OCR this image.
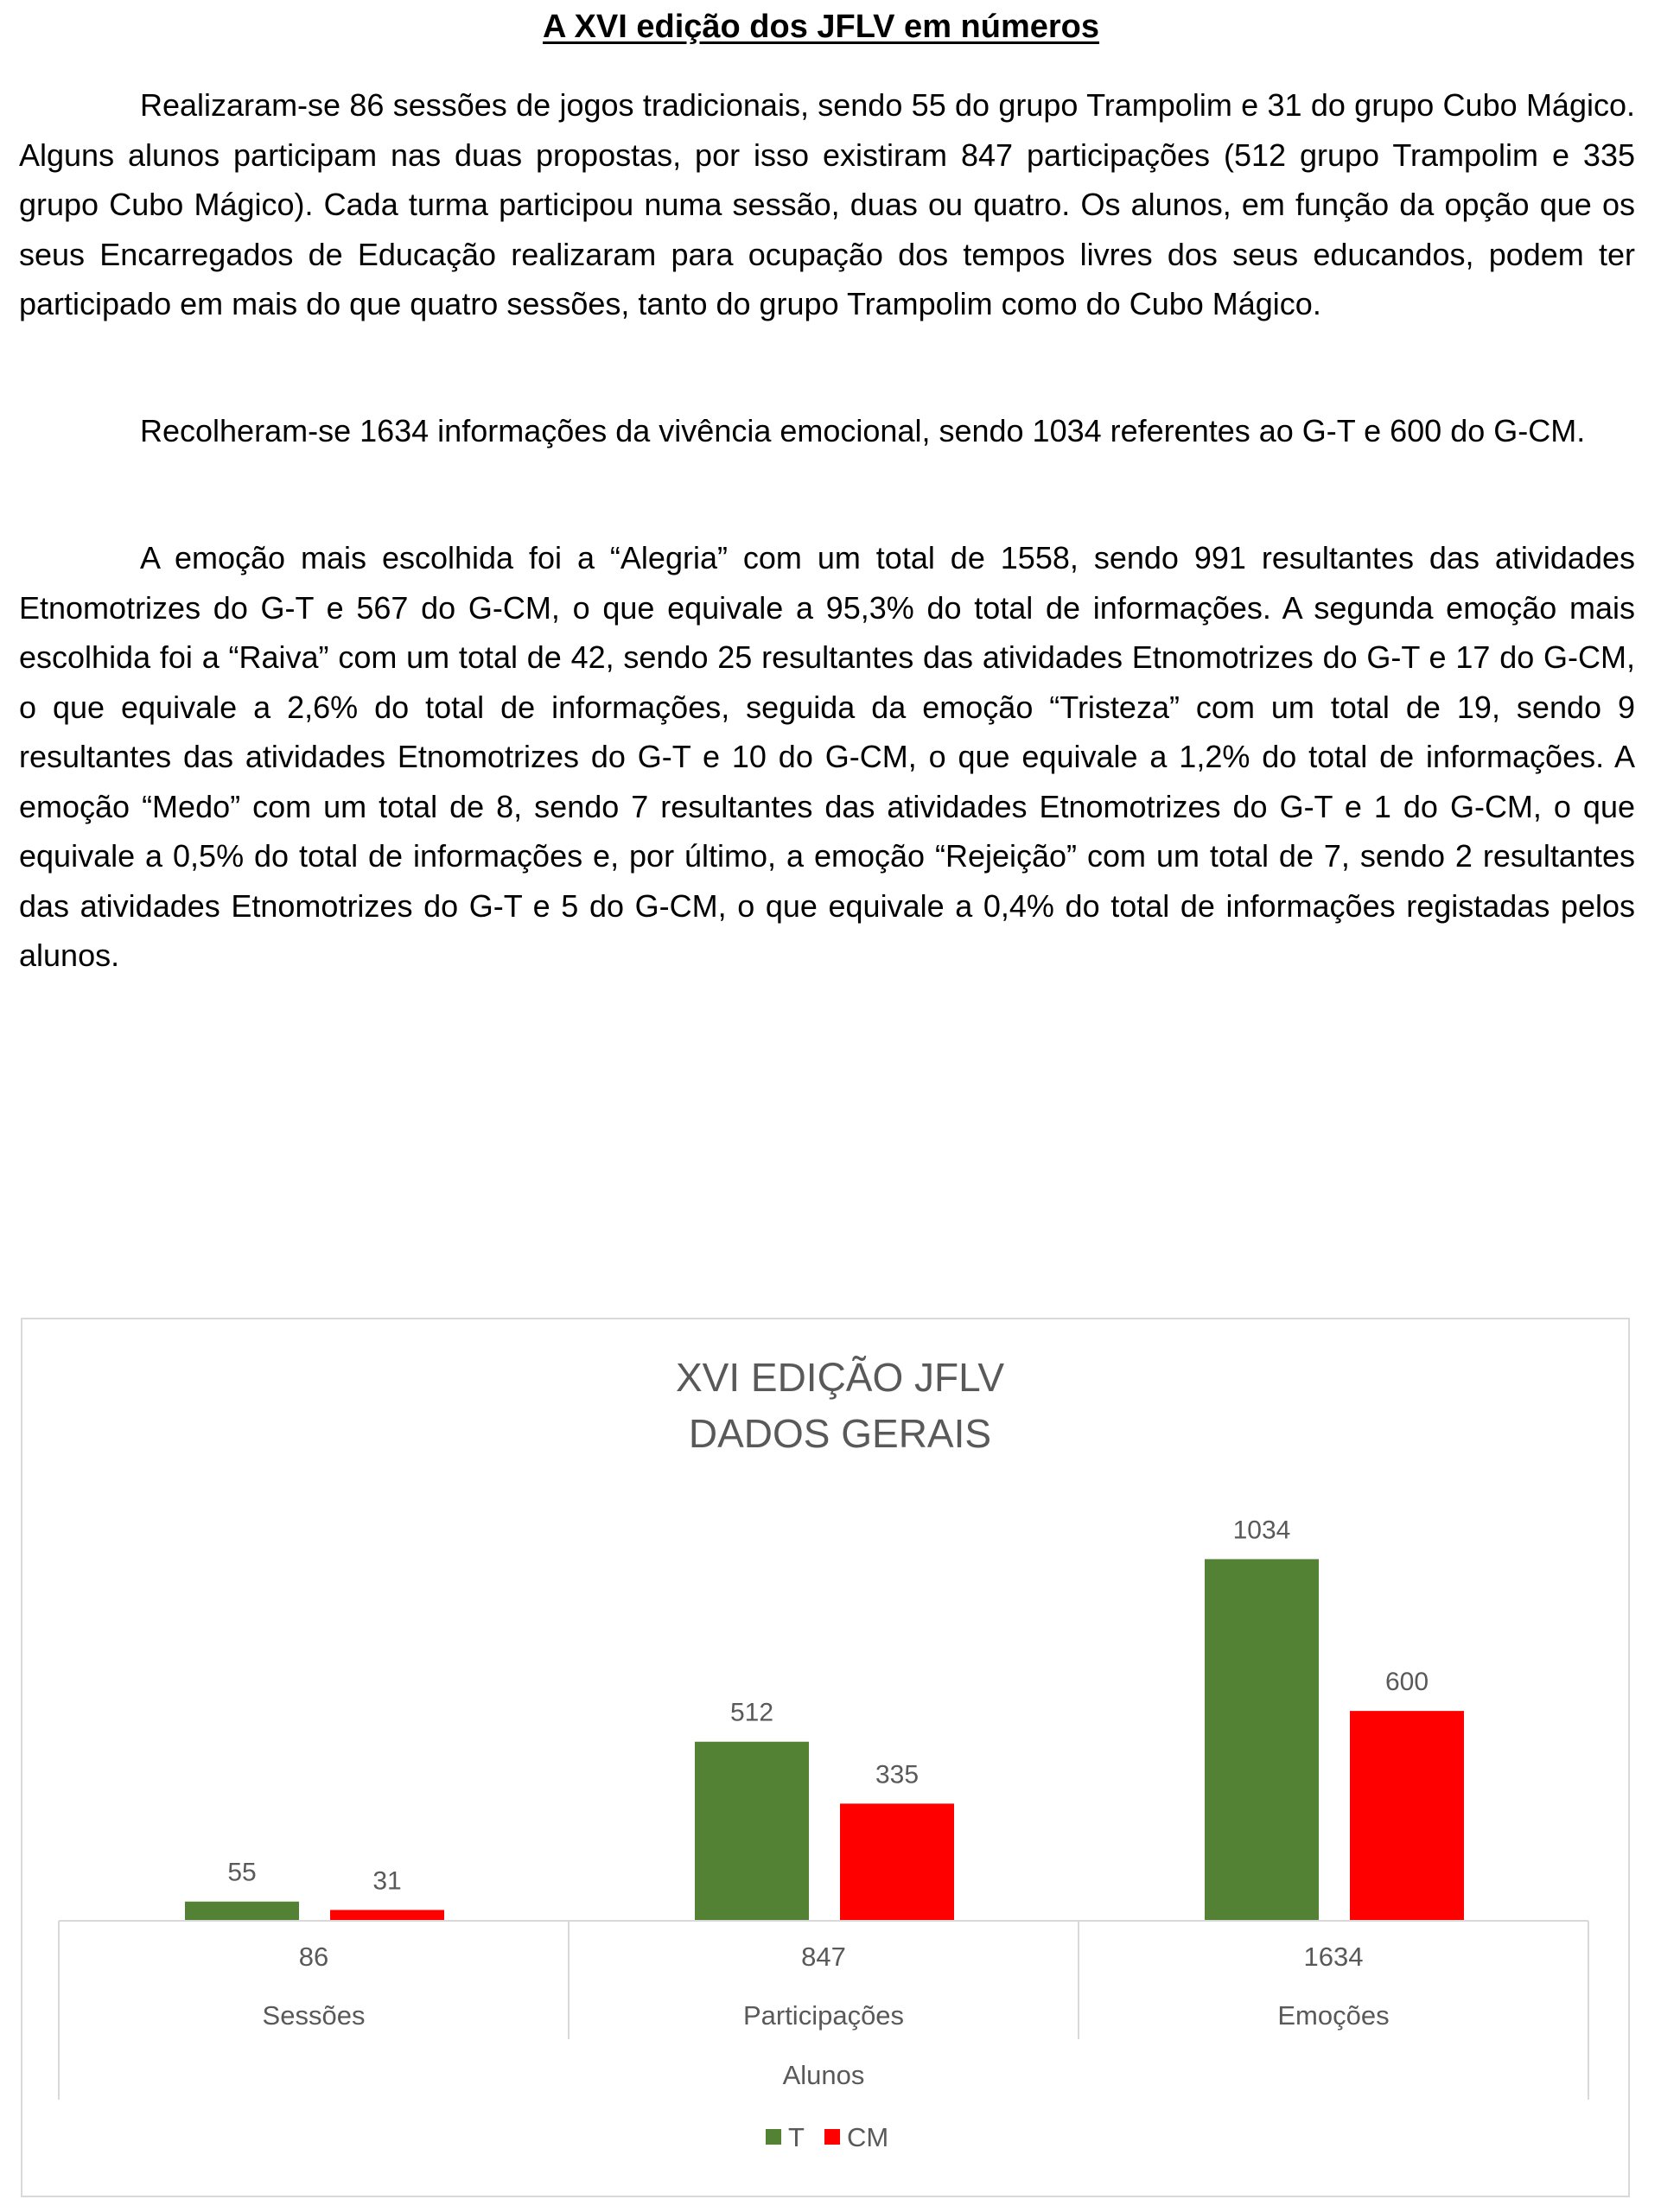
A XVI edição dos JFLV em números

Realizaram-se 86 sessões de jogos tradicionais, sendo 55 do grupo Trampolim e 31 do grupo Cubo Mágico. Alguns alunos participam nas duas propostas, por isso existiram 847 participações (512 grupo Trampolim e 335 grupo Cubo Mágico). Cada turma participou numa sessão, duas ou quatro. Os alunos, em função da opção que os seus Encarregados de Educação realizaram para ocupação dos tempos livres dos seus educandos, podem ter participado em mais do que quatro sessões, tanto do grupo Trampolim como do Cubo Mágico.

Recolheram-se 1634 informações da vivência emocional, sendo 1034 referentes ao G-T e 600 do G-CM.

A emoção mais escolhida foi a “Alegria” com um total de 1558, sendo 991 resultantes das atividades Etnomotrizes do G-T e 567 do G-CM, o que equivale a 95,3% do total de informações. A segunda emoção mais escolhida foi a “Raiva” com um total de 42, sendo 25 resultantes das atividades Etnomotrizes do G-T e 17 do G-CM, o que equivale a 2,6% do total de informações, seguida da emoção “Tristeza” com um total de 19, sendo 9 resultantes das atividades Etnomotrizes do G-T e 10 do G-CM, o que equivale a 1,2% do total de informações. A emoção “Medo” com um total de 8, sendo 7 resultantes das atividades Etnomotrizes do G-T e 1 do G-CM, o que equivale a 0,5% do total de informações e, por último, a emoção “Rejeição” com um total de 7, sendo 2 resultantes das atividades Etnomotrizes do G-T e 5 do G-CM, o que equivale a 0,4% do total de informações registadas pelos alunos.

XVI EDIÇÃO JFLV
DADOS GERAIS
55
512
1034
31
335
600
86
Sessões
847
Participações
1634
Emoções
Alunos
T CM
